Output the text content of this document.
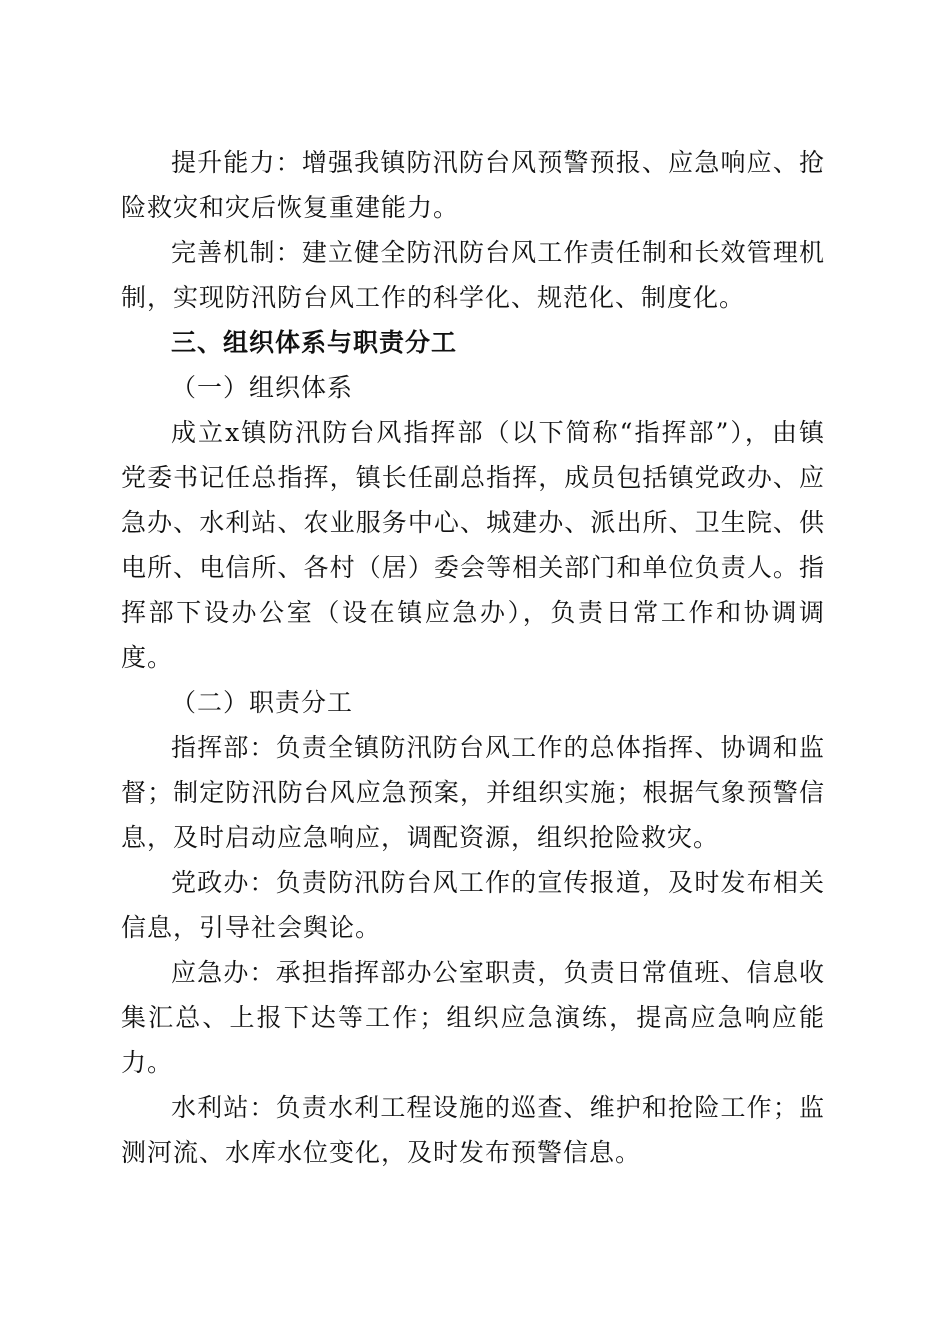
提升能力：增强我镇防汛防台风预警预报、应急响应、抢险救灾和灾后恢复重建能力。

完善机制：建立健全防汛防台风工作责任制和长效管理机制，实现防汛防台风工作的科学化、规范化、制度化。

三、组织体系与职责分工

（一）组织体系

成立x镇防汛防台风指挥部（以下简称“指挥部”），由镇党委书记任总指挥，镇长任副总指挥，成员包括镇党政办、应急办、水利站、农业服务中心、城建办、派出所、卫生院、供电所、电信所、各村（居）委会等相关部门和单位负责人。指挥部下设办公室（设在镇应急办），负责日常工作和协调调度。

（二）职责分工

指挥部：负责全镇防汛防台风工作的总体指挥、协调和监督；制定防汛防台风应急预案，并组织实施；根据气象预警信息，及时启动应急响应，调配资源，组织抢险救灾。

党政办：负责防汛防台风工作的宣传报道，及时发布相关信息，引导社会舆论。

应急办：承担指挥部办公室职责，负责日常值班、信息收集汇总、上报下达等工作；组织应急演练，提高应急响应能力。

水利站：负责水利工程设施的巡查、维护和抢险工作；监测河流、水库水位变化，及时发布预警信息。
